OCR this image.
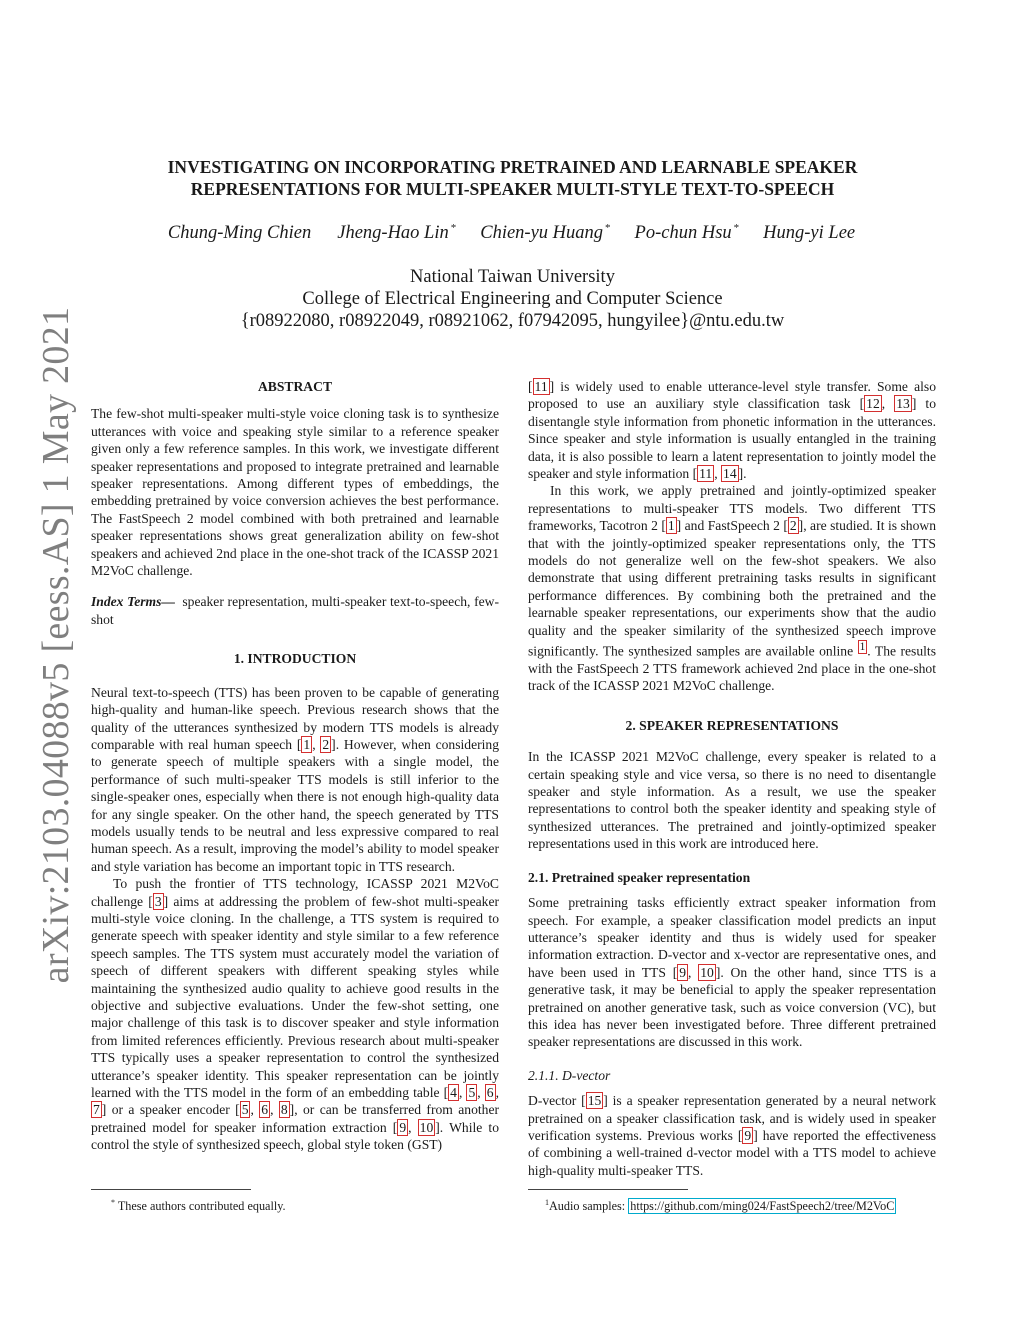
arXiv:2103.04088v5 [eess.AS] 1 May 2021
INVESTIGATING ON INCORPORATING PRETRAINED AND LEARNABLE SPEAKER
REPRESENTATIONS FOR MULTI-SPEAKER MULTI-STYLE TEXT-TO-SPEECH
Chung-Ming Chien Jheng-Hao Lin * Chien-yu Huang * Po-chun Hsu * Hung-yi Lee
National Taiwan University
College of Electrical Engineering and Computer Science
{r08922080, r08922049, r08921062, f07942095, hungyilee}@ntu.edu.tw

ABSTRACT

The few-shot multi-speaker multi-style voice cloning task is to synthesize utterances with voice and speaking style similar to a reference speaker given only a few reference samples. In this work, we investigate different speaker representations and proposed to integrate pretrained and learnable speaker representations. Among different types of embeddings, the embedding pretrained by voice conversion achieves the best performance. The FastSpeech 2 model combined with both pretrained and learnable speaker representations shows great generalization ability on few-shot speakers and achieved 2nd place in the one-shot track of the ICASSP 2021 M2VoC challenge.

Index Terms— speaker representation, multi-speaker text-to-speech, few-shot

1. INTRODUCTION

Neural text-to-speech (TTS) has been proven to be capable of generating high-quality and human-like speech. Previous research shows that the quality of the utterances synthesized by modern TTS models is already comparable with real human speech [ 1 , 2 ]. However, when considering to generate speech of multiple speakers with a single model, the performance of such multi-speaker TTS models is still inferior to the single-speaker ones, especially when there is not enough high-quality data for any single speaker. On the other hand, the speech generated by TTS models usually tends to be neutral and less expressive compared to real human speech. As a result, improving the model’s ability to model speaker and style variation has become an important topic in TTS research.

To push the frontier of TTS technology, ICASSP 2021 M2VoC challenge [ 3 ] aims at addressing the problem of few-shot multi-speaker multi-style voice cloning. In the challenge, a TTS system is required to generate speech with speaker identity and style similar to a few reference speech samples. The TTS system must accurately model the variation of speech of different speakers with different speaking styles while maintaining the synthesized audio quality to achieve good results in the objective and subjective evaluations. Under the few-shot setting, one major challenge of this task is to discover speaker and style information from limited references efficiently. Previous research about multi-speaker TTS typically uses a speaker representation to control the synthesized utterance’s speaker identity. This speaker representation can be jointly learned with the TTS model in the form of an embedding table [ 4 , 5 , 6 , 7 ] or a speaker encoder [ 5 , 6 , 8 ], or can be transferred from another pretrained model for speaker information extraction [ 9 , 10 ]. While to control the style of synthesized speech, global style token (GST)

[ 11 ] is widely used to enable utterance-level style transfer. Some also proposed to use an auxiliary style classification task [ 12 , 13 ] to disentangle style information from phonetic information in the utterances. Since speaker and style information is usually entangled in the training data, it is also possible to learn a latent representation to jointly model the speaker and style information [ 11 , 14 ].

In this work, we apply pretrained and jointly-optimized speaker representations to multi-speaker TTS models. Two different TTS frameworks, Tacotron 2 [ 1 ] and FastSpeech 2 [ 2 ], are studied. It is shown that with the jointly-optimized speaker representations only, the TTS models do not generalize well on the few-shot speakers. We also demonstrate that using different pretraining tasks results in significant performance differences. By combining both the pretrained and the learnable speaker representations, our experiments show that the audio quality and the speaker similarity of the synthesized speech improve significantly. The synthesized samples are available online $^1$ . The results with the FastSpeech 2 TTS framework achieved 2nd place in the one-shot track of the ICASSP 2021 M2VoC challenge.

2. SPEAKER REPRESENTATIONS

In the ICASSP 2021 M2VoC challenge, every speaker is related to a certain speaking style and vice versa, so there is no need to disentangle speaker and style information. As a result, we use the speaker representations to control both the speaker identity and speaking style of synthesized utterances. The pretrained and jointly-optimized speaker representations used in this work are introduced here.

2.1. Pretrained speaker representation

Some pretraining tasks efficiently extract speaker information from speech. For example, a speaker classification model predicts an input utterance’s speaker identity and thus is widely used for speaker information extraction. D-vector and x-vector are representative ones, and have been used in TTS [ 9 , 10 ]. On the other hand, since TTS is a generative task, it may be beneficial to apply the speaker representation pretrained on another generative task, such as voice conversion (VC), but this idea has never been investigated before. Three different pretrained speaker representations are discussed in this work.

2.1.1. D-vector

D-vector [ 15 ] is a speaker representation generated by a neural network pretrained on a speaker classification task, and is widely used in speaker verification systems. Previous works [ 9 ] have reported the effectiveness of combining a well-trained d-vector model with a TTS model to achieve high-quality multi-speaker TTS.

* These authors contributed equally.	$^1$Audio samples: https://github.com/ming024/FastSpeech2/tree/M2VoC
